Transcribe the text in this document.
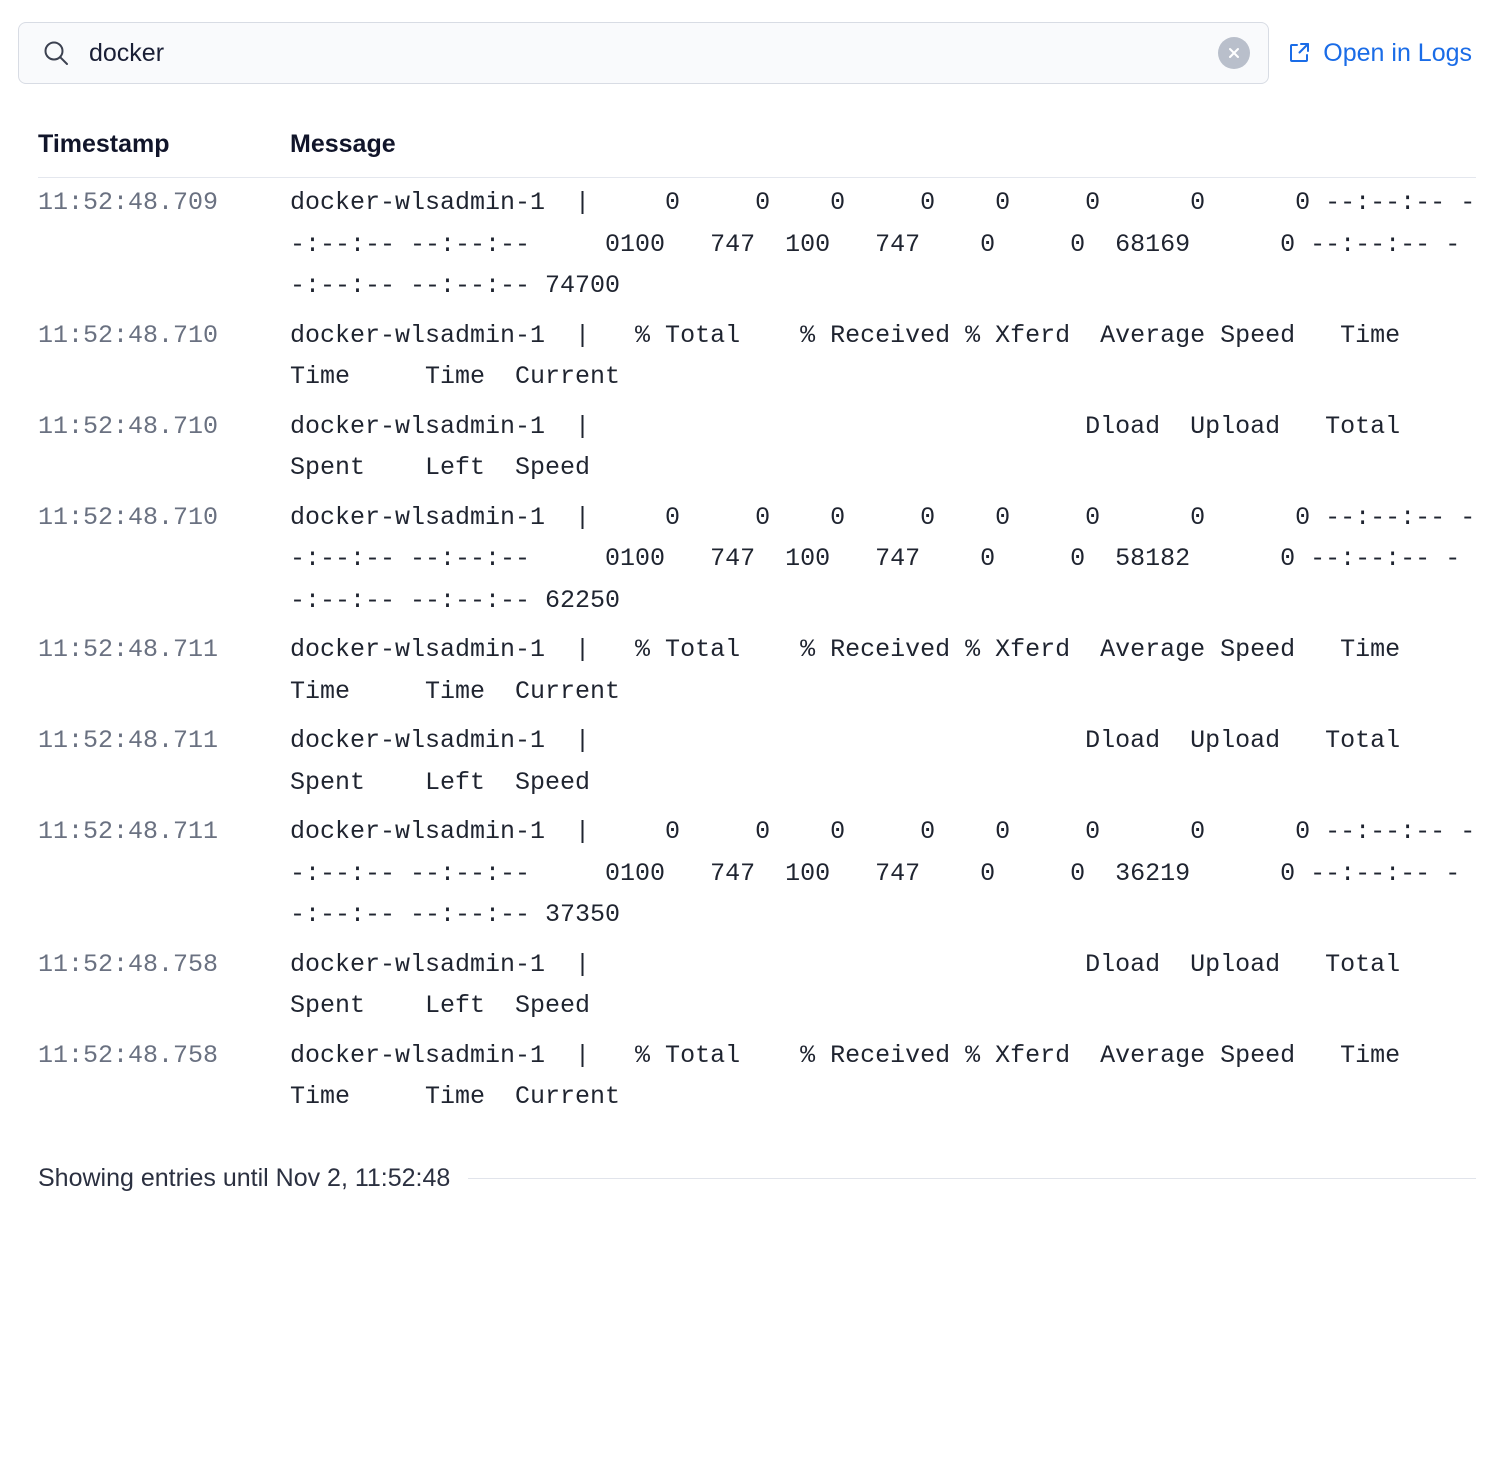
docker
Open in Logs
Timestamp	Message
11:52:48.709	docker-wlsadmin-1  |     0     0    0     0    0     0      0      0 --:--:-- --:--:-- --:--:--     0100   747  100   747    0     0  68169      0 --:--:-- --:--:-- --:--:-- 74700
11:52:48.710	docker-wlsadmin-1  |   % Total    % Received % Xferd  Average Speed   Time    Time     Time  Current
11:52:48.710	docker-wlsadmin-1  |                                 Dload  Upload   Total   Spent    Left  Speed
11:52:48.710	docker-wlsadmin-1  |     0     0    0     0    0     0      0      0 --:--:-- --:--:-- --:--:--     0100   747  100   747    0     0  58182      0 --:--:-- --:--:-- --:--:-- 62250
11:52:48.711	docker-wlsadmin-1  |   % Total    % Received % Xferd  Average Speed   Time    Time     Time  Current
11:52:48.711	docker-wlsadmin-1  |                                 Dload  Upload   Total   Spent    Left  Speed
11:52:48.711	docker-wlsadmin-1  |     0     0    0     0    0     0      0      0 --:--:-- --:--:-- --:--:--     0100   747  100   747    0     0  36219      0 --:--:-- --:--:-- --:--:-- 37350
11:52:48.758	docker-wlsadmin-1  |                                 Dload  Upload   Total   Spent    Left  Speed
11:52:48.758	docker-wlsadmin-1  |   % Total    % Received % Xferd  Average Speed   Time    Time     Time  Current
Showing entries until Nov 2, 11:52:48
